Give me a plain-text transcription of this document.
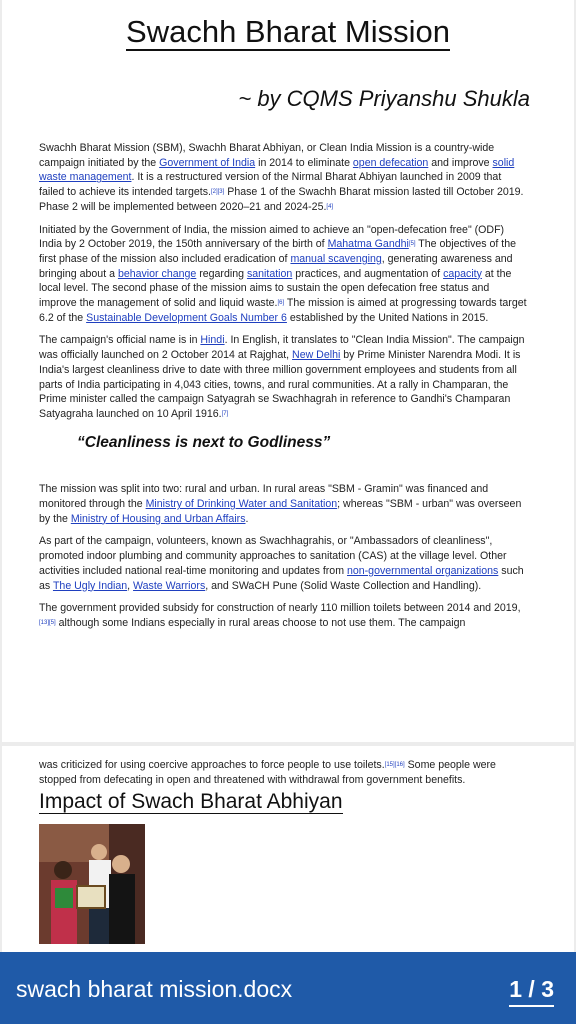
Swachh Bharat Mission
~ by CQMS Priyanshu Shukla

Swachh Bharat Mission (SBM), Swachh Bharat Abhiyan, or Clean India Mission is a country-wide campaign initiated by the Government of India in 2014 to eliminate open defecation and improve solid waste management. It is a restructured version of the Nirmal Bharat Abhiyan launched in 2009 that failed to achieve its intended targets.[2][3] Phase 1 of the Swachh Bharat mission lasted till October 2019. Phase 2 will be implemented between 2020–21 and 2024-25.[4]

Initiated by the Government of India, the mission aimed to achieve an "open-defecation free" (ODF) India by 2 October 2019, the 150th anniversary of the birth of Mahatma Gandhi[5] The objectives of the first phase of the mission also included eradication of manual scavenging, generating awareness and bringing about a behavior change regarding sanitation practices, and augmentation of capacity at the local level. The second phase of the mission aims to sustain the open defecation free status and improve the management of solid and liquid waste.[6] The mission is aimed at progressing towards target 6.2 of the Sustainable Development Goals Number 6 established by the United Nations in 2015.

The campaign's official name is in Hindi. In English, it translates to "Clean India Mission". The campaign was officially launched on 2 October 2014 at Rajghat, New Delhi by Prime Minister Narendra Modi. It is India's largest cleanliness drive to date with three million government employees and students from all parts of India participating in 4,043 cities, towns, and rural communities. At a rally in Champaran, the Prime minister called the campaign Satyagrah se Swachhagrah in reference to Gandhi's Champaran Satyagraha launched on 10 April 1916.[7]

“Cleanliness is next to Godliness”

The mission was split into two: rural and urban. In rural areas "SBM - Gramin" was financed and monitored through the Ministry of Drinking Water and Sanitation; whereas "SBM - urban" was overseen by the Ministry of Housing and Urban Affairs.

As part of the campaign, volunteers, known as Swachhagrahis, or "Ambassadors of cleanliness", promoted indoor plumbing and community approaches to sanitation (CAS) at the village level. Other activities included national real-time monitoring and updates from non-governmental organizations such as The Ugly Indian, Waste Warriors, and SWaCH Pune (Solid Waste Collection and Handling).

The government provided subsidy for construction of nearly 110 million toilets between 2014 and 2019,[13][5] although some Indians especially in rural areas choose to not use them. The campaign

was criticized for using coercive approaches to force people to use toilets.[15][16] Some people were stopped from defecating in open and threatened with withdrawal from government benefits.

Impact of Swach Bharat Abhiyan
swach bharat mission.docx	1 / 3
